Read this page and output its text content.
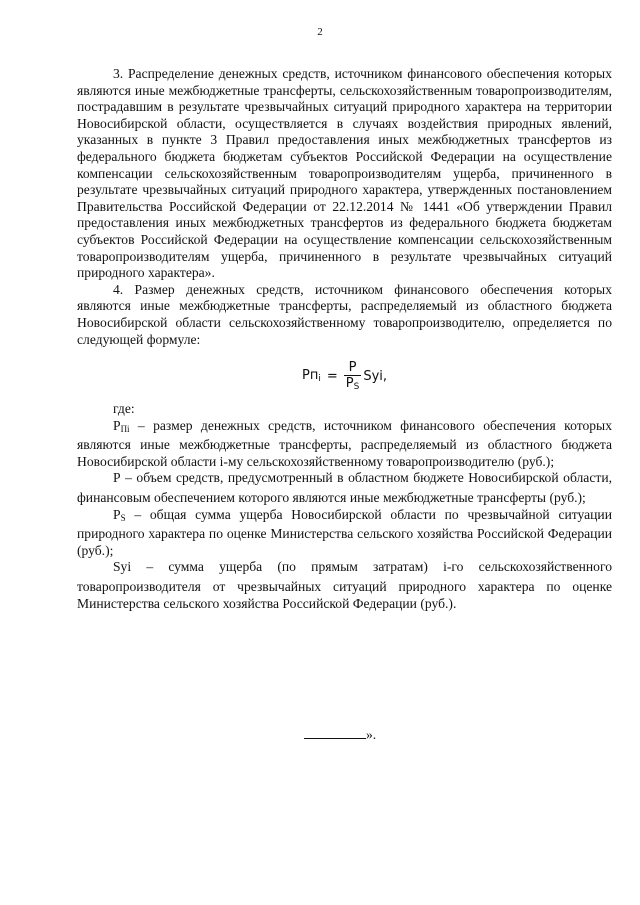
2

3. Распределение денежных средств, источником финансового обеспечения которых являются иные межбюджетные трансферты, сельскохозяйственным товаропроизводителям, пострадавшим в результате чрезвычайных ситуаций природного характера на территории Новосибирской области, осуществляется в случаях воздействия природных явлений, указанных в пункте 3 Правил предоставления иных межбюджетных трансфертов из федерального бюджета бюджетам субъектов Российской Федерации на осуществление компенсации сельскохозяйственным товаропроизводителям ущерба, причиненного в результате чрезвычайных ситуаций природного характера, утвержденных постановлением Правительства Российской Федерации от 22.12.2014 № 1441 «Об утверждении Правил предоставления иных межбюджетных трансфертов из федерального бюджета бюджетам субъектов Российской Федерации на осуществление компенсации сельскохозяйственным товаропроизводителям ущерба, причиненного в результате чрезвычайных ситуаций природного характера».

4. Размер денежных средств, источником финансового обеспечения которых являются иные межбюджетные трансферты, распределяемый из областного бюджета Новосибирской области сельскохозяйственному товаропроизводителю, определяется по следующей формуле:

$Pп_i = \frac{P}{P_S}$ Syi,

где:

$P_{Пi}$ – размер денежных средств, источником финансового обеспечения которых являются иные межбюджетные трансферты, распределяемый из областного бюджета Новосибирской области i-му сельскохозяйственному товаропроизводителю (руб.);

P – объем средств, предусмотренный в областном бюджете Новосибирской области, финансовым обеспечением которого являются иные межбюджетные трансферты (руб.);

$P_S$ – общая сумма ущерба Новосибирской области по чрезвычайной ситуации природного характера по оценке Министерства сельского хозяйства Российской Федерации (руб.);

Syi – сумма ущерба (по прямым затратам) i-го сельскохозяйственного товаропроизводителя от чрезвычайных ситуаций природного характера по оценке Министерства сельского хозяйства Российской Федерации (руб.).

».
